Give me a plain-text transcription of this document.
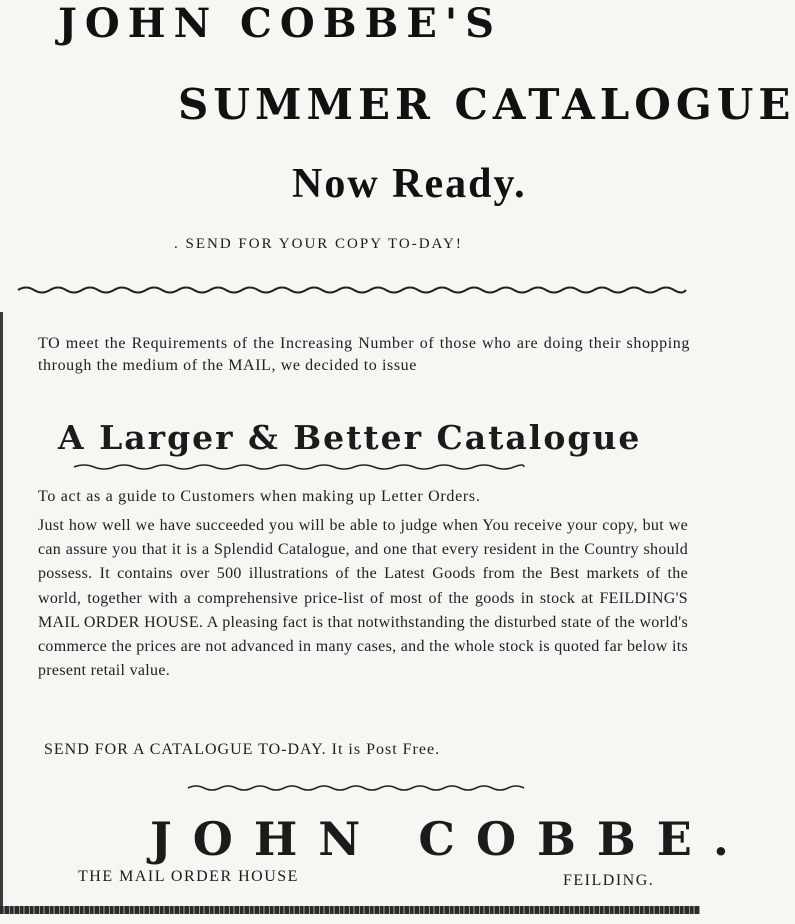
JOHN COBBE'S
SUMMER CATALOGUE
Now Ready.
. SEND FOR YOUR COPY TO-DAY!

TO meet the Requirements of the Increasing Number of those who are doing their shopping through the medium of the MAIL, we decided to issue

A Larger & Better Catalogue

To act as a guide to Customers when making up Letter Orders.

Just how well we have succeeded you will be able to judge when You receive your copy, but we can assure you that it is a Splendid Catalogue, and one that every resident in the Country should possess. It contains over 500 illustrations of the Latest Goods from the Best markets of the world, together with a comprehensive price-list of most of the goods in stock at FEILDING'S MAIL ORDER HOUSE. A pleasing fact is that notwithstanding the disturbed state of the world's commerce the prices are not advanced in many cases, and the whole stock is quoted far below its present retail value.

SEND FOR A CATALOGUE TO-DAY. It is Post Free.

JOHN COBBE.
THE MAIL ORDER HOUSE	FEILDING.
